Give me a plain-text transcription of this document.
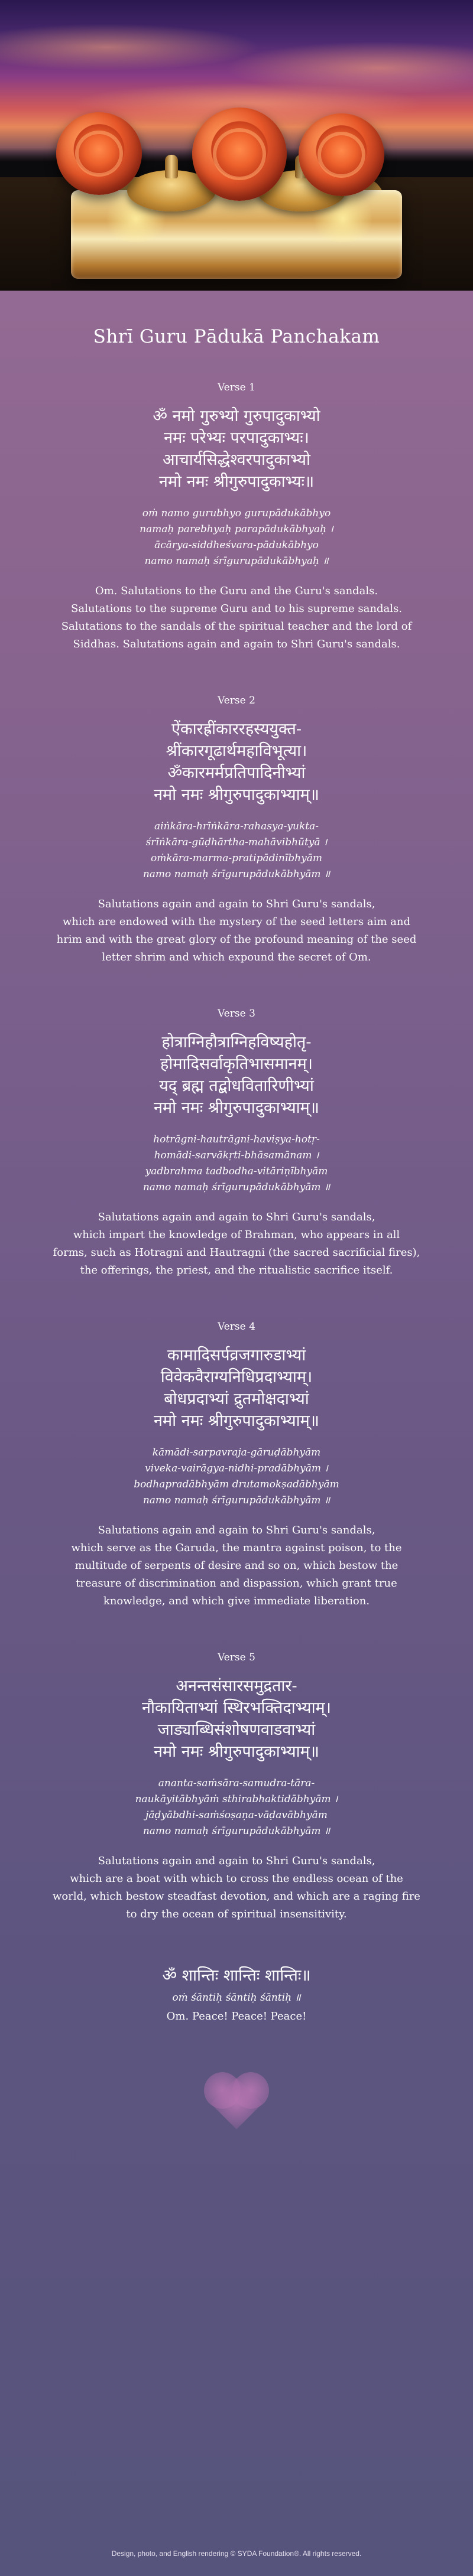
Shrī Guru Pādukā Panchakam
Verse 1
ॐ नमो गुरुभ्यो गुरुपादुकाभ्यो
नमः परेभ्यः परपादुकाभ्यः।
आचार्यसिद्धेश्वरपादुकाभ्यो
नमो नमः श्रीगुरुपादुकाभ्यः॥
oṁ namo gurubhyo gurupādukābhyo
namaḥ parebhyaḥ parapādukābhyaḥ ।
ācārya-siddheśvara-pādukābhyo
namo namaḥ śrīgurupādukābhyaḥ ॥
Om. Salutations to the Guru and the Guru's sandals.
Salutations to the supreme Guru and to his supreme sandals.
Salutations to the sandals of the spiritual teacher and the lord of
Siddhas. Salutations again and again to Shri Guru's sandals.
Verse 2
ऐंकारह्रींकाररहस्ययुक्त-
श्रींकारगूढार्थमहाविभूत्या।
ॐकारमर्मप्रतिपादिनीभ्यां
नमो नमः श्रीगुरुपादुकाभ्याम्॥
aiṅkāra-hrīṅkāra-rahasya-yukta-
śrīṅkāra-gūḍhārtha-mahāvibhūtyā ।
oṁkāra-marma-pratipādinībhyām
namo namaḥ śrīgurupādukābhyām ॥
Salutations again and again to Shri Guru's sandals,
which are endowed with the mystery of the seed letters aim and
hrim and with the great glory of the profound meaning of the seed
letter shrim and which expound the secret of Om.
Verse 3
होत्राग्निहौत्राग्निहविष्यहोतृ-
होमादिसर्वाकृतिभासमानम्।
यद् ब्रह्म तद्बोधवितारिणीभ्यां
नमो नमः श्रीगुरुपादुकाभ्याम्॥
hotrāgni-hautrāgni-haviṣya-hotṛ-
homādi-sarvākṛti-bhāsamānam ।
yadbrahma tadbodha-vitāriṇībhyām
namo namaḥ śrīgurupādukābhyām ॥
Salutations again and again to Shri Guru's sandals,
which impart the knowledge of Brahman, who appears in all
forms, such as Hotragni and Hautragni (the sacred sacrificial fires),
the offerings, the priest, and the ritualistic sacrifice itself.
Verse 4
कामादिसर्पव्रजगारुडाभ्यां
विवेकवैराग्यनिधिप्रदाभ्याम्।
बोधप्रदाभ्यां द्रुतमोक्षदाभ्यां
नमो नमः श्रीगुरुपादुकाभ्याम्॥
kāmādi-sarpavraja-gāruḍābhyām
viveka-vairāgya-nidhi-pradābhyām ।
bodhapradābhyām drutamokṣadābhyām
namo namaḥ śrīgurupādukābhyām ॥
Salutations again and again to Shri Guru's sandals,
which serve as the Garuda, the mantra against poison, to the
multitude of serpents of desire and so on, which bestow the
treasure of discrimination and dispassion, which grant true
knowledge, and which give immediate liberation.
Verse 5
अनन्तसंसारसमुद्रतार-
नौकायिताभ्यां स्थिरभक्तिदाभ्याम्।
जाड्याब्धिसंशोषणवाडवाभ्यां
नमो नमः श्रीगुरुपादुकाभ्याम्॥
ananta-saṁsāra-samudra-tāra-
naukāyitābhyāṁ sthirabhaktidābhyām ।
jāḍyābdhi-saṁśoṣaṇa-vāḍavābhyām
namo namaḥ śrīgurupādukābhyām ॥
Salutations again and again to Shri Guru's sandals,
which are a boat with which to cross the endless ocean of the
world, which bestow steadfast devotion, and which are a raging fire
to dry the ocean of spiritual insensitivity.
ॐ शान्तिः शान्तिः शान्तिः॥
oṁ śāntiḥ śāntiḥ śāntiḥ ॥
Om. Peace! Peace! Peace!
Design, photo, and English rendering © SYDA Foundation®. All rights reserved.
